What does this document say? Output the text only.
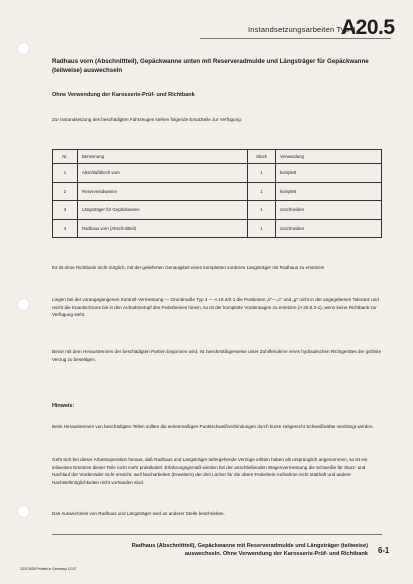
Instandsetzungsarbeiten Typ 4
A20.5
Radhaus vorn (Abschnittteil), Gepäckwanne unten mit Reserveradmulde und Längsträger für Gepäckwanne (teilweise) auswechseln
Ohne Verwendung der Karosserie-Prüf- und Richtbank
Zur Instandsetzung des beschädigten Fahrzeuges stehen folgende Ersatzteile zur Verfügung:
Nr.	Benennung	Stück	Verwendung
1	Abschlußblech vorn	1	komplett
2	Reserveradwanne	1	komplett
3	Längsträger für Gepäckwanne	1	zuschneiden
4	Radhaus vorn (Abschnittteil)	1	zuschneiden
Es ist ohne Richtbank nicht möglich, mit der gelieferten Genauigkeit einen kompletten vorderen Längsträger mit Radhaus zu ersetzen!
Liegen bei der vorangegangenen Kontroll-Vermessung — Grundmaße Typ 4 — A 18.4/2-1 die Positionen „k"—„c" und „g" nicht in der angegebenen Toleranz und reicht die Knautschzone bis in den Aufnahmetopf des Federbeines hinein, so ist der komplette Vorderwagen zu ersetzen (A 20.5.3-1), wenn keine Richtbank zur Verfügung steht.
Bevor mit dem Heraustrennen der beschädigten Partien begonnen wird, ist zweckmäßigerweise unter Zuhilfenahme eines hydraulischen Richtgerätes der gröbste Verzug zu beseitigen.
Hinweis:
Beim Heraustrennen von beschädigten Teilen sollten die serienmäßigen Punktschweißverbindungen durch kurze zeitgerecht Schweißnähte verdrängt werden.
Geht sich bei dieser Arbeitsoperation heraus, daß Radhaus und Längsträger tiefergehende Verzüge erlitten haben als ursprünglich angenommen, so ist ein teilweises Ersetzen dieser Teile nicht mehr praktikabel. Erfahrungsgemäß werden bei der anschließenden Wagenvermessung die Schweiße für Sturz- und Nachlauf der Vorderräder nicht erreicht, weil Nacharbeiten (Erweitern) der drei Löcher für die obere Federbein-Aufnahme nicht statthaft und andere Nachstellmöglichkeiten nicht vorhanden sind.
Das Auswechseln von Radhaus und Längsträger wird an anderer Stelle beschrieben.
Radhaus (Abschnittteil), Gepäckwanne mit Reserveradmulde und Längsträger (teilweise)
auswechseln. Ohne Verwendung der Karosserie-Prüf- und Richtbank 6-1
333/78/38 Printed in Germany 12.87
